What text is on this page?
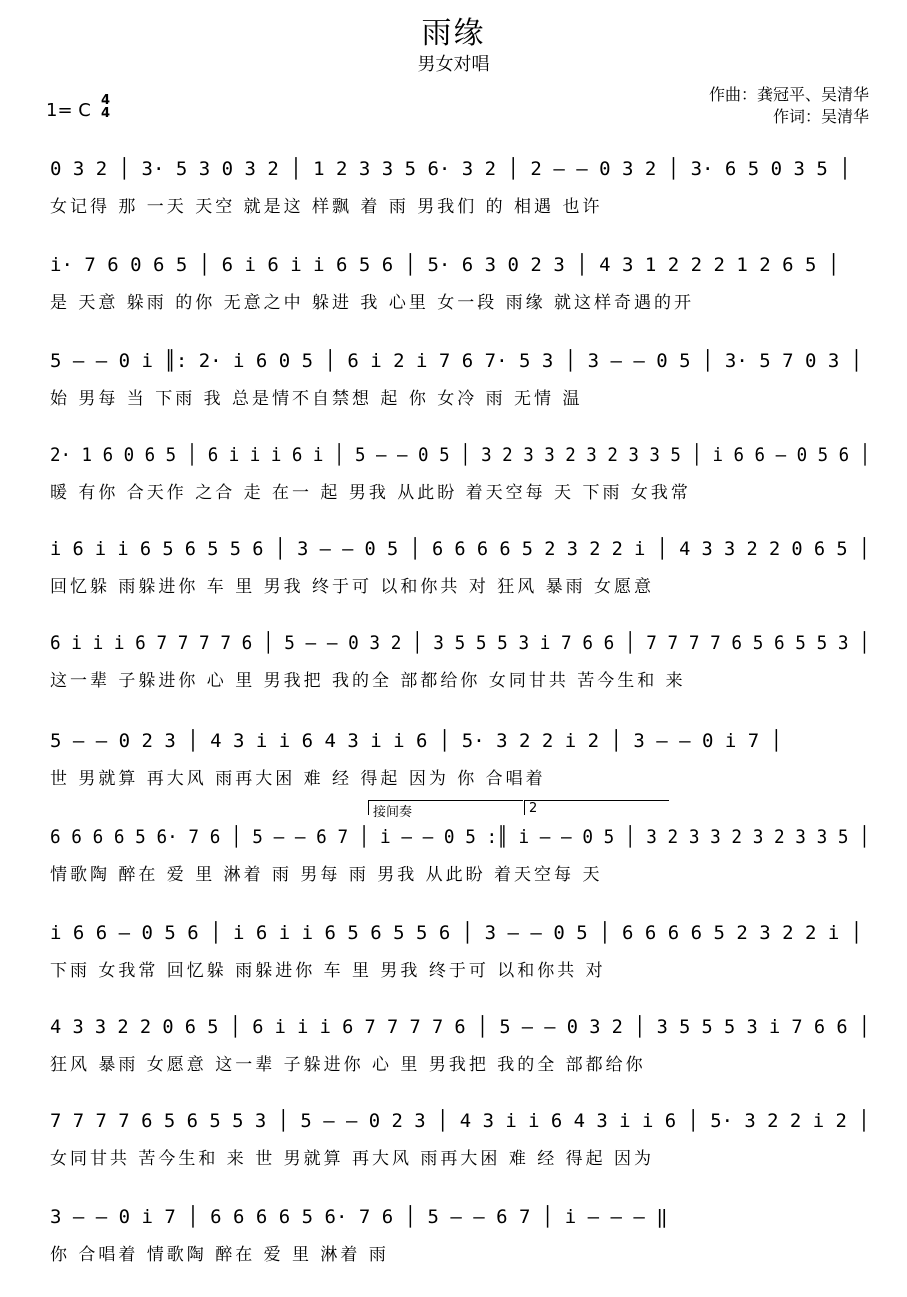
雨缘
男女对唱
作曲：龚冠平、吴清华
作词：吴清华
1= C 4
4
0 3 2 │ 3· 5 3 0 3 2 │ 1 2 3 3 5 6· 3 2 │ 2 — — 0 3 2 │ 3· 6 5 0 3 5 │
女记得 那 一天 天空 就是这 样飘 着 雨 男我们 的 相遇 也许
i· 7 6 0 6 5 │ 6 i 6 i i 6 5 6 │ 5· 6 3 0 2 3 │ 4 3 1 2 2 2 1 2 6 5 │
是 天意 躲雨 的你 无意之中 躲进 我 心里 女一段 雨缘 就这样奇遇的开
5 — — 0 i ║: 2· i 6 0 5 │ 6 i 2 i 7 6 7· 5 3 │ 3 — — 0 5 │ 3· 5 7 0 3 │
始 男每 当 下雨 我 总是情不自禁想 起 你 女冷 雨 无情 温
2· 1 6 0 6 5 │ 6 i i i 6 i │ 5 — — 0 5 │ 3 2 3 3 2 3 2 3 3 5 │ i 6 6 — 0 5 6 │
暖 有你 合天作 之合 走 在一 起 男我 从此盼 着天空每 天 下雨 女我常
i 6 i i 6 5 6 5 5 6 │ 3 — — 0 5 │ 6 6 6 6 5 2 3 2 2 i │ 4 3 3 2 2 0 6 5 │
回忆躲 雨躲进你 车 里 男我 终于可 以和你共 对 狂风 暴雨 女愿意
6 i i i 6 7 7 7 7 6 │ 5 — — 0 3 2 │ 3 5 5 5 3 i 7 6 6 │ 7 7 7 7 6 5 6 5 5 3 │
这一辈 子躲进你 心 里 男我把 我的全 部都给你 女同甘共 苦今生和 来
5 — — 0 2 3 │ 4 3 i i 6 4 3 i i 6 │ 5· 3 2 2 i 2 │ 3 — — 0 i 7 │
世 男就算 再大风 雨再大困 难 经 得起 因为 你 合唱着
6 6 6 6 5 6· 7 6 │ 5 — — 6 7 │ i — — 0 5 :║ i — — 0 5 │ 3 2 3 3 2 3 2 3 3 5 │
情歌陶 醉在 爱 里 淋着 雨 男每 雨 男我 从此盼 着天空每 天
接间奏	2
i 6 6 — 0 5 6 │ i 6 i i 6 5 6 5 5 6 │ 3 — — 0 5 │ 6 6 6 6 5 2 3 2 2 i │
下雨 女我常 回忆躲 雨躲进你 车 里 男我 终于可 以和你共 对
4 3 3 2 2 0 6 5 │ 6 i i i 6 7 7 7 7 6 │ 5 — — 0 3 2 │ 3 5 5 5 3 i 7 6 6 │
狂风 暴雨 女愿意 这一辈 子躲进你 心 里 男我把 我的全 部都给你
7 7 7 7 6 5 6 5 5 3 │ 5 — — 0 2 3 │ 4 3 i i 6 4 3 i i 6 │ 5· 3 2 2 i 2 │
女同甘共 苦今生和 来 世 男就算 再大风 雨再大困 难 经 得起 因为
3 — — 0 i 7 │ 6 6 6 6 5 6· 7 6 │ 5 — — 6 7 │ i — — — ‖
你 合唱着 情歌陶 醉在 爱 里 淋着 雨
